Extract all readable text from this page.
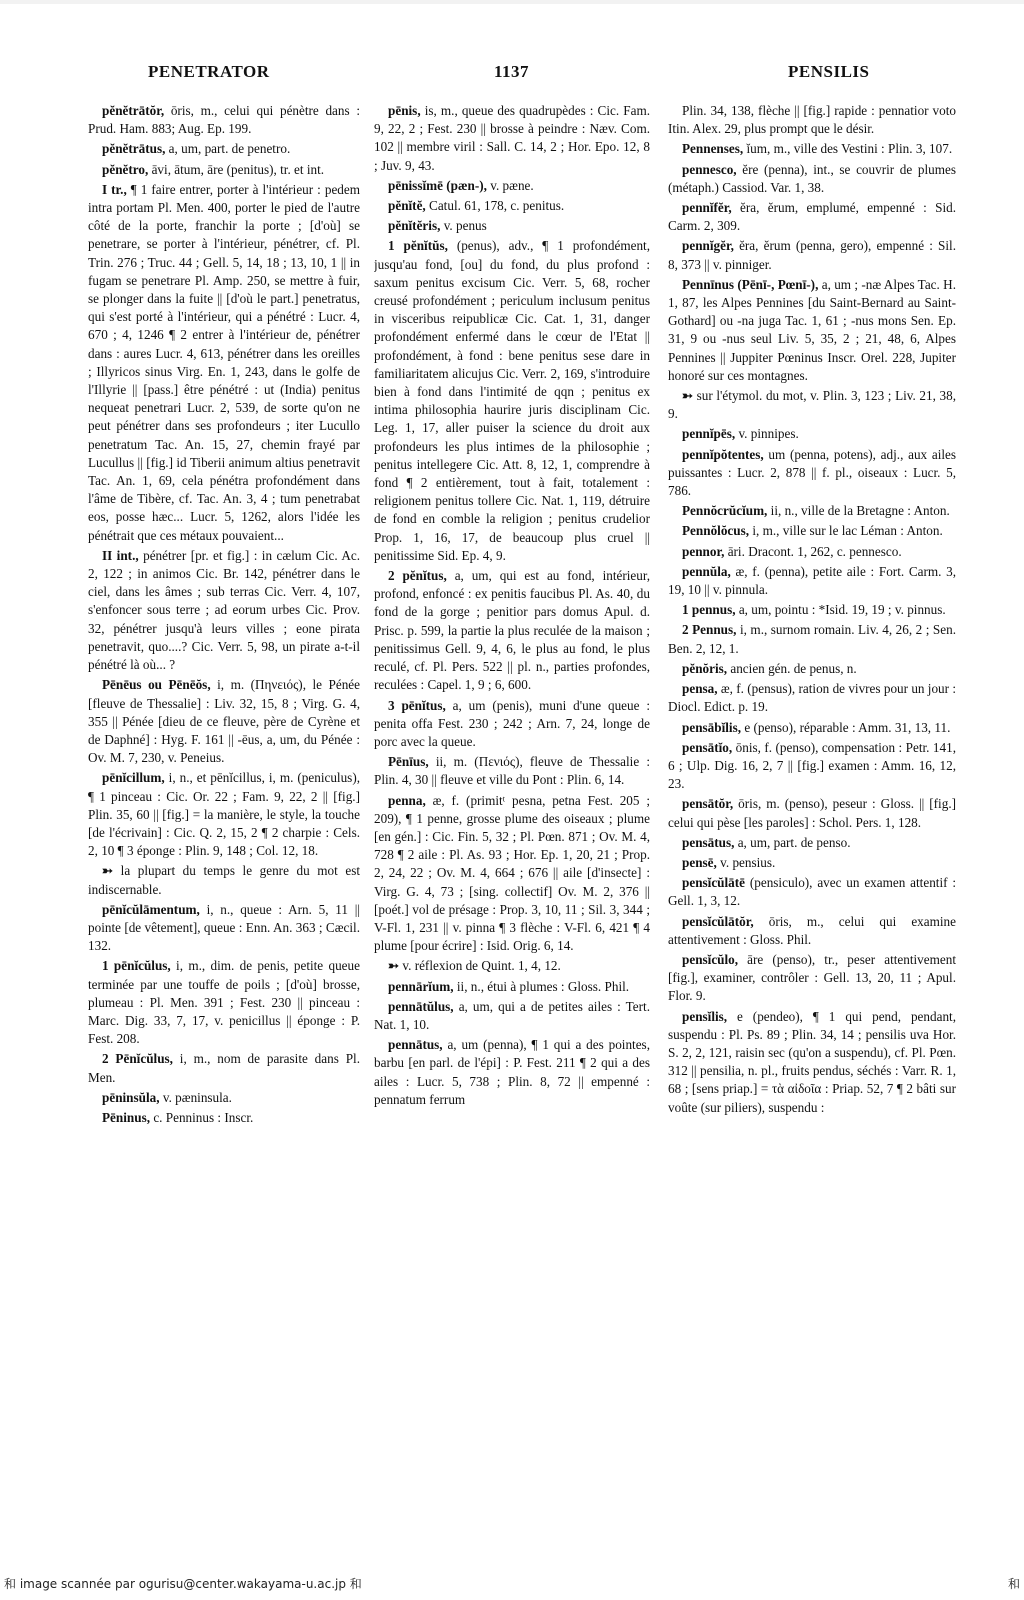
PENETRATOR	1137	PENSILIS

pĕnĕtrātŏr, ōris, m., celui qui pénètre dans : Prud. Ham. 883; Aug. Ep. 199.

pĕnĕtrātus, a, um, part. de penetro.

pĕnĕtro, āvi, ātum, āre (penitus), tr. et int.

I tr., ¶ 1 faire entrer, porter à l'intérieur : pedem intra portam Pl. Men. 400, porter le pied de l'autre côté de la porte, franchir la porte ; [d'où] se penetrare, se porter à l'intérieur, pénétrer, cf. Pl. Trin. 276 ; Truc. 44 ; Gell. 5, 14, 18 ; 13, 10, 1 || in fugam se penetrare Pl. Amp. 250, se mettre à fuir, se plonger dans la fuite || [d'où le part.] penetratus, qui s'est porté à l'intérieur, qui a pénétré : Lucr. 4, 670 ; 4, 1246 ¶ 2 entrer à l'intérieur de, pénétrer dans : aures Lucr. 4, 613, pénétrer dans les oreilles ; Illyricos sinus Virg. En. 1, 243, dans le golfe de l'Illyrie || [pass.] être pénétré : ut (India) penitus nequeat penetrari Lucr. 2, 539, de sorte qu'on ne peut pénétrer dans ses profondeurs ; iter Lucullo penetratum Tac. An. 15, 27, chemin frayé par Lucullus || [fig.] id Tiberii animum altius penetravit Tac. An. 1, 69, cela pénétra profondément dans l'âme de Tibère, cf. Tac. An. 3, 4 ; tum penetrabat eos, posse hæc... Lucr. 5, 1262, alors l'idée les pénétrait que ces métaux pouvaient...

II int., pénétrer [pr. et fig.] : in cælum Cic. Ac. 2, 122 ; in animos Cic. Br. 142, pénétrer dans le ciel, dans les âmes ; sub terras Cic. Verr. 4, 107, s'enfoncer sous terre ; ad eorum urbes Cic. Prov. 32, pénétrer jusqu'à leurs villes ; eone pirata penetravit, quo....? Cic. Verr. 5, 98, un pirate a-t-il pénétré là où... ?

Pēnēus ou Pēnēŏs, i, m. (Πηνειός), le Pénée [fleuve de Thessalie] : Liv. 32, 15, 8 ; Virg. G. 4, 355 || Pénée [dieu de ce fleuve, père de Cyrène et de Daphné] : Hyg. F. 161 || -ēus, a, um, du Pénée : Ov. M. 7, 230, v. Peneius.

pēnĭcillum, i, n., et pēnĭcillus, i, m. (peniculus), ¶ 1 pinceau : Cic. Or. 22 ; Fam. 9, 22, 2 || [fig.] Plin. 35, 60 || [fig.] = la manière, le style, la touche [de l'écrivain] : Cic. Q. 2, 15, 2 ¶ 2 charpie : Cels. 2, 10 ¶ 3 éponge : Plin. 9, 148 ; Col. 12, 18.

➳ la plupart du temps le genre du mot est indiscernable.

pēnĭcŭlāmentum, i, n., queue : Arn. 5, 11 || pointe [de vêtement], queue : Enn. An. 363 ; Cæcil. 132.

1 pēnĭcŭlus, i, m., dim. de penis, petite queue terminée par une touffe de poils ; [d'où] brosse, plumeau : Pl. Men. 391 ; Fest. 230 || pinceau : Marc. Dig. 33, 7, 17, v. penicillus || éponge : P. Fest. 208.

2 Pēnĭcŭlus, i, m., nom de parasite dans Pl. Men.

pēninsŭla, v. pæninsula.

Pēninus, c. Penninus : Inscr.

pēnis, is, m., queue des quadrupèdes : Cic. Fam. 9, 22, 2 ; Fest. 230 || brosse à peindre : Næv. Com. 102 || membre viril : Sall. C. 14, 2 ; Hor. Epo. 12, 8 ; Juv. 9, 43.

pēnissĭmē (pæn-), v. pæne.

pĕnĭtĕ, Catul. 61, 178, c. penitus.

pĕnĭtĕris, v. penus

1 pĕnĭtŭs, (penus), adv., ¶ 1 profondément, jusqu'au fond, [ou] du fond, du plus profond : saxum penitus excisum Cic. Verr. 5, 68, rocher creusé profondément ; periculum inclusum penitus in visceribus reipublicæ Cic. Cat. 1, 31, danger profondément enfermé dans le cœur de l'Etat || profondément, à fond : bene penitus sese dare in familiaritatem alicujus Cic. Verr. 2, 169, s'introduire bien à fond dans l'intimité de qqn ; penitus ex intima philosophia haurire juris disciplinam Cic. Leg. 1, 17, aller puiser la science du droit aux profondeurs les plus intimes de la philosophie ; penitus intellegere Cic. Att. 8, 12, 1, comprendre à fond ¶ 2 entièrement, tout à fait, totalement : religionem penitus tollere Cic. Nat. 1, 119, détruire de fond en comble la religion ; penitus crudelior Prop. 1, 16, 17, de beaucoup plus cruel || penitissime Sid. Ep. 4, 9.

2 pĕnĭtus, a, um, qui est au fond, intérieur, profond, enfoncé : ex penitis faucibus Pl. As. 40, du fond de la gorge ; penitior pars domus Apul. d. Prisc. p. 599, la partie la plus reculée de la maison ; penitissimus Gell. 9, 4, 6, le plus au fond, le plus reculé, cf. Pl. Pers. 522 || pl. n., parties profondes, reculées : Capel. 1, 9 ; 6, 600.

3 pēnĭtus, a, um (penis), muni d'une queue : penita offa Fest. 230 ; 242 ; Arn. 7, 24, longe de porc avec la queue.

Pēnīus, ii, m. (Πενιός), fleuve de Thessalie : Plin. 4, 30 || fleuve et ville du Pont : Plin. 6, 14.

penna, æ, f. (primitᵗ pesna, petna Fest. 205 ; 209), ¶ 1 penne, grosse plume des oiseaux ; plume [en gén.] : Cic. Fin. 5, 32 ; Pl. Pœn. 871 ; Ov. M. 4, 728 ¶ 2 aile : Pl. As. 93 ; Hor. Ep. 1, 20, 21 ; Prop. 2, 24, 22 ; Ov. M. 4, 664 ; 676 || aile [d'insecte] : Virg. G. 4, 73 ; [sing. collectif] Ov. M. 2, 376 || [poét.] vol de présage : Prop. 3, 10, 11 ; Sil. 3, 344 ; V-Fl. 1, 231 || v. pinna ¶ 3 flèche : V-Fl. 6, 421 ¶ 4 plume [pour écrire] : Isid. Orig. 6, 14.

➳ v. réflexion de Quint. 1, 4, 12.

pennārĭum, ii, n., étui à plumes : Gloss. Phil.

pennātŭlus, a, um, qui a de petites ailes : Tert. Nat. 1, 10.

pennātus, a, um (penna), ¶ 1 qui a des pointes, barbu [en parl. de l'épi] : P. Fest. 211 ¶ 2 qui a des ailes : Lucr. 5, 738 ; Plin. 8, 72 || empenné : pennatum ferrum

Plin. 34, 138, flèche || [fig.] rapide : pennatior voto Itin. Alex. 29, plus prompt que le désir.

Pennenses, ĭum, m., ville des Vestini : Plin. 3, 107.

pennesco, ĕre (penna), int., se couvrir de plumes (métaph.) Cassiod. Var. 1, 38.

pennĭfĕr, ĕra, ĕrum, emplumé, empenné : Sid. Carm. 2, 309.

pennĭgĕr, ĕra, ĕrum (penna, gero), empenné : Sil. 8, 373 || v. pinniger.

Pennīnus (Pēnī-, Pœnī-), a, um ; -næ Alpes Tac. H. 1, 87, les Alpes Pennines [du Saint-Bernard au Saint-Gothard] ou -na juga Tac. 1, 61 ; -nus mons Sen. Ep. 31, 9 ou -nus seul Liv. 5, 35, 2 ; 21, 48, 6, Alpes Pennines || Juppiter Pœninus Inscr. Orel. 228, Jupiter honoré sur ces montagnes.

➳ sur l'étymol. du mot, v. Plin. 3, 123 ; Liv. 21, 38, 9.

pennĭpēs, v. pinnipes.

pennĭpŏtentes, um (penna, potens), adj., aux ailes puissantes : Lucr. 2, 878 || f. pl., oiseaux : Lucr. 5, 786.

Pennŏcrŭcĭum, ii, n., ville de la Bretagne : Anton.

Pennŏlŏcus, i, m., ville sur le lac Léman : Anton.

pennor, āri. Dracont. 1, 262, c. pennesco.

pennŭla, æ, f. (penna), petite aile : Fort. Carm. 3, 19, 10 || v. pinnula.

1 pennus, a, um, pointu : *Isid. 19, 19 ; v. pinnus.

2 Pennus, i, m., surnom romain. Liv. 4, 26, 2 ; Sen. Ben. 2, 12, 1.

pĕnŏris, ancien gén. de penus, n.

pensa, æ, f. (pensus), ration de vivres pour un jour : Diocl. Edict. p. 19.

pensābĭlis, e (penso), réparable : Amm. 31, 13, 11.

pensātĭo, ōnis, f. (penso), compensation : Petr. 141, 6 ; Ulp. Dig. 16, 2, 7 || [fig.] examen : Amm. 16, 12, 23.

pensātŏr, ōris, m. (penso), peseur : Gloss. || [fig.] celui qui pèse [les paroles] : Schol. Pers. 1, 128.

pensātus, a, um, part. de penso.

pensē, v. pensius.

pensĭcŭlātē (pensiculo), avec un examen attentif : Gell. 1, 3, 12.

pensĭcŭlātŏr, ōris, m., celui qui examine attentivement : Gloss. Phil.

pensĭcŭlo, āre (penso), tr., peser attentivement [fig.], examiner, contrôler : Gell. 13, 20, 11 ; Apul. Flor. 9.

pensĭlis, e (pendeo), ¶ 1 qui pend, pendant, suspendu : Pl. Ps. 89 ; Plin. 34, 14 ; pensilis uva Hor. S. 2, 2, 121, raisin sec (qu'on a suspendu), cf. Pl. Pœn. 312 || pensilia, n. pl., fruits pendus, séchés : Varr. R. 1, 68 ; [sens priap.] = τὰ αἰδοῖα : Priap. 52, 7 ¶ 2 bâti sur voûte (sur piliers), suspendu :

和 image scannée par ogurisu@center.wakayama-u.ac.jp 和	和
